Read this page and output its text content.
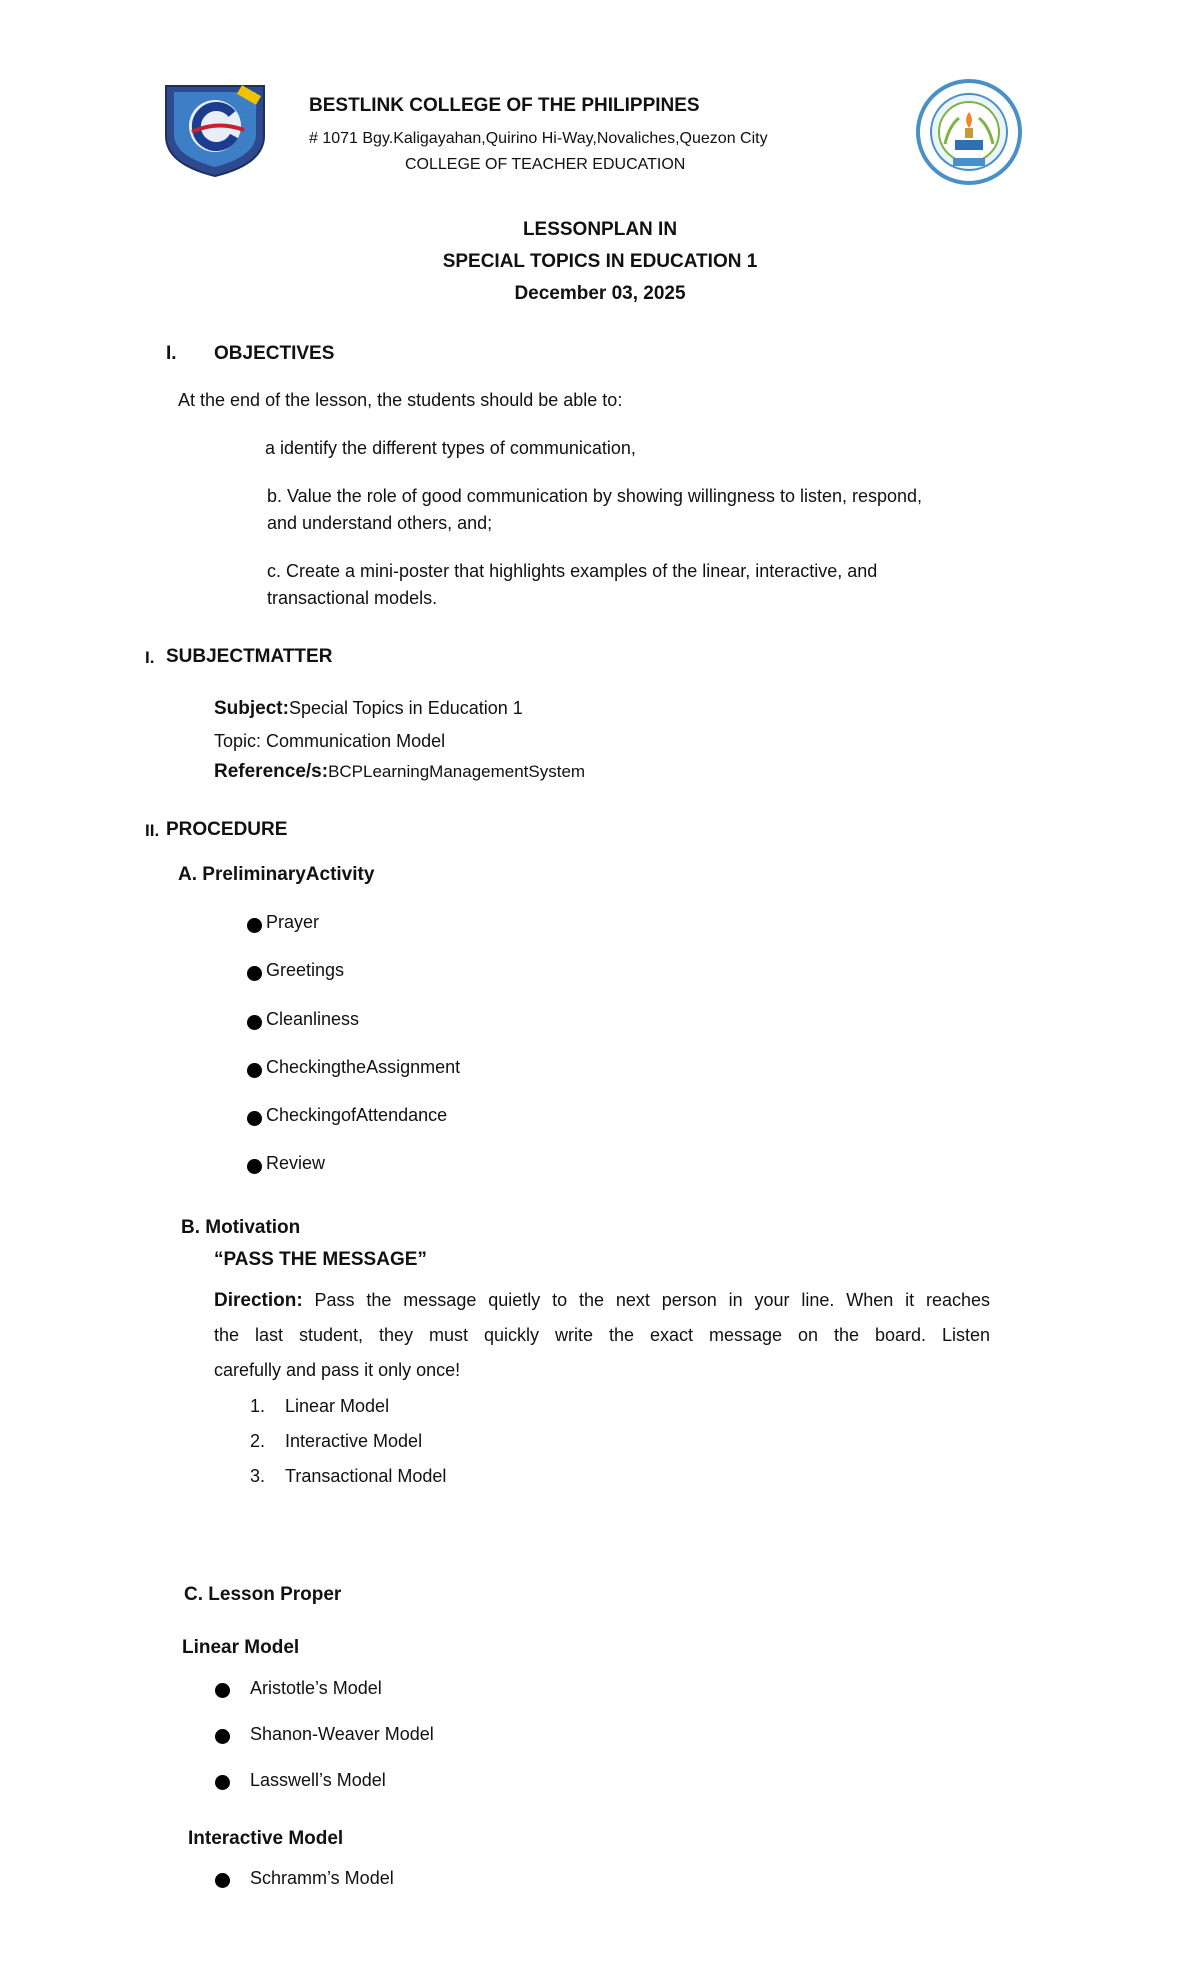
BESTLINK COLLEGE OF THE PHILIPPINES
# 1071 Bgy.Kaligayahan,Quirino Hi-Way,Novaliches,Quezon City
COLLEGE OF TEACHER EDUCATION
LESSONPLAN IN
SPECIAL TOPICS IN EDUCATION 1
December 03, 2025
I. OBJECTIVES
At the end of the lesson, the students should be able to:
a identify the different types of communication,
b. Value the role of good communication by showing willingness to listen, respond,
and understand others, and;
c. Create a mini-poster that highlights examples of the linear, interactive, and
transactional models.
I. SUBJECTMATTER
Subject:Special Topics in Education 1
Topic: Communication Model
Reference/s:BCPLearningManagementSystem
II. PROCEDURE
A. PreliminaryActivity
Prayer
Greetings
Cleanliness
CheckingtheAssignment
CheckingofAttendance
Review
B. Motivation
“PASS THE MESSAGE”
Direction: Pass the message quietly to the next person in your line. When it reaches
the last student, they must quickly write the exact message on the board. Listen
carefully and pass it only once!
1. Linear Model
2. Interactive Model
3. Transactional Model
C. Lesson Proper
Linear Model
Aristotle’s Model
Shanon-Weaver Model
Lasswell’s Model
Interactive Model
Schramm’s Model
